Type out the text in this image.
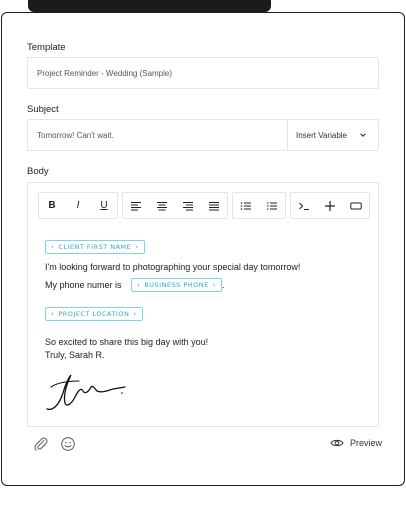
Template
Project Reminder - Wedding (Sample)
Subject
Tomorrow! Can't wait.	Insert Variable
Body
B	I	U
‹ CLIENT FIRST NAME ›
I'm looking forward to photographing your special day tomorrow!
My phone numer is ‹ BUSINESS PHONE › .
‹ PROJECT LOCATION ›
So excited to share this big day with you!
Truly, Sarah R.
Preview
